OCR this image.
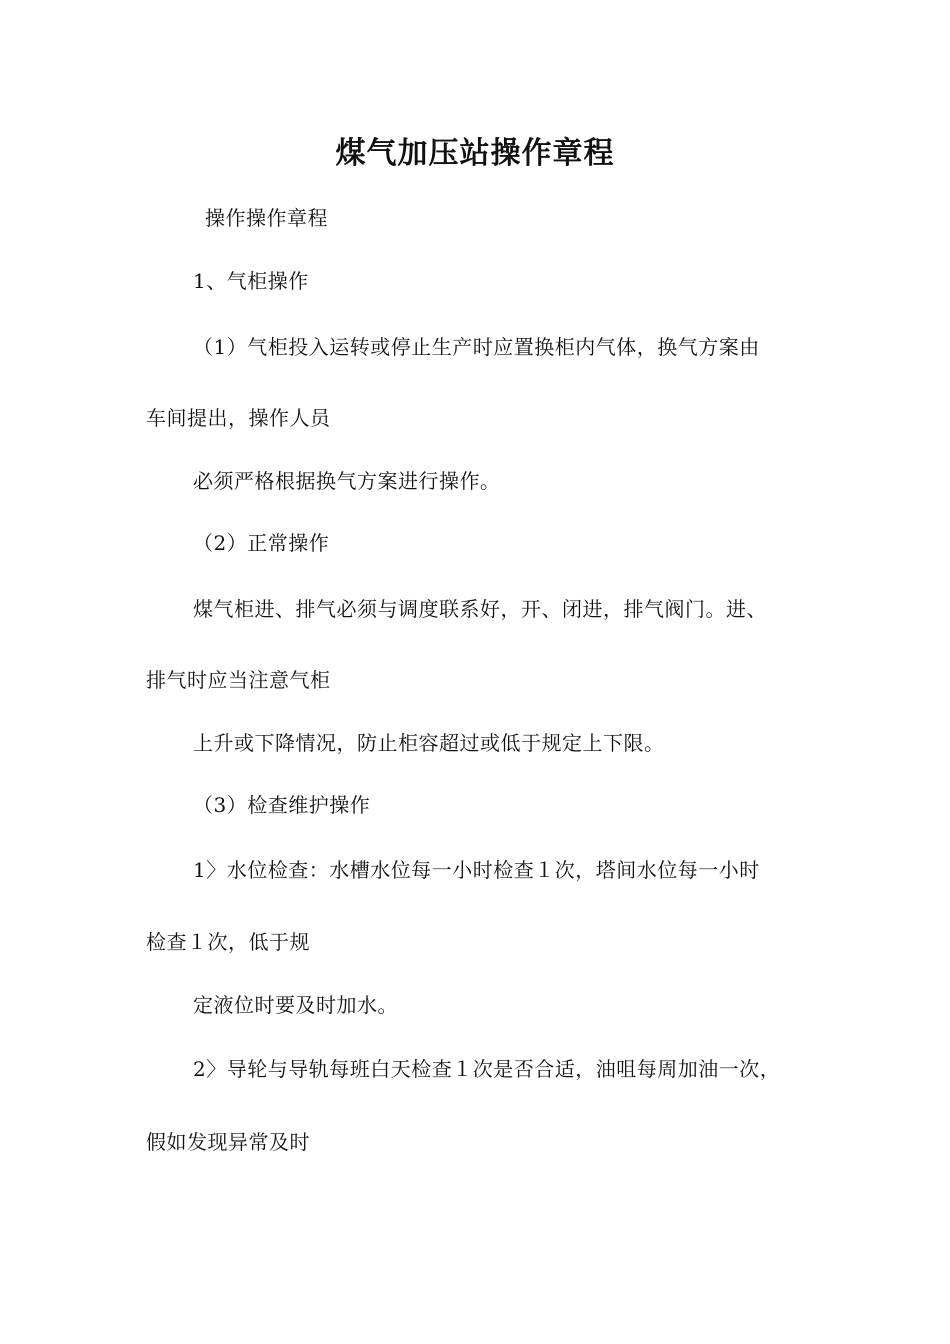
煤气加压站操作章程
操作操作章程
1、气柜操作
（1）气柜投入运转或停止生产时应置换柜内气体，换气方案由
车间提出，操作人员
必须严格根据换气方案进行操作。
（2）正常操作
煤气柜进、排气必须与调度联系好，开、闭进，排气阀门。进、
排气时应当注意气柜
上升或下降情况，防止柜容超过或低于规定上下限。
（3）检查维护操作
1〉水位检查：水槽水位每一小时检查１次，塔间水位每一小时
检查１次，低于规
定液位时要及时加水。
2〉导轮与导轨每班白天检查１次是否合适，油咀每周加油一次，
假如发现异常及时
